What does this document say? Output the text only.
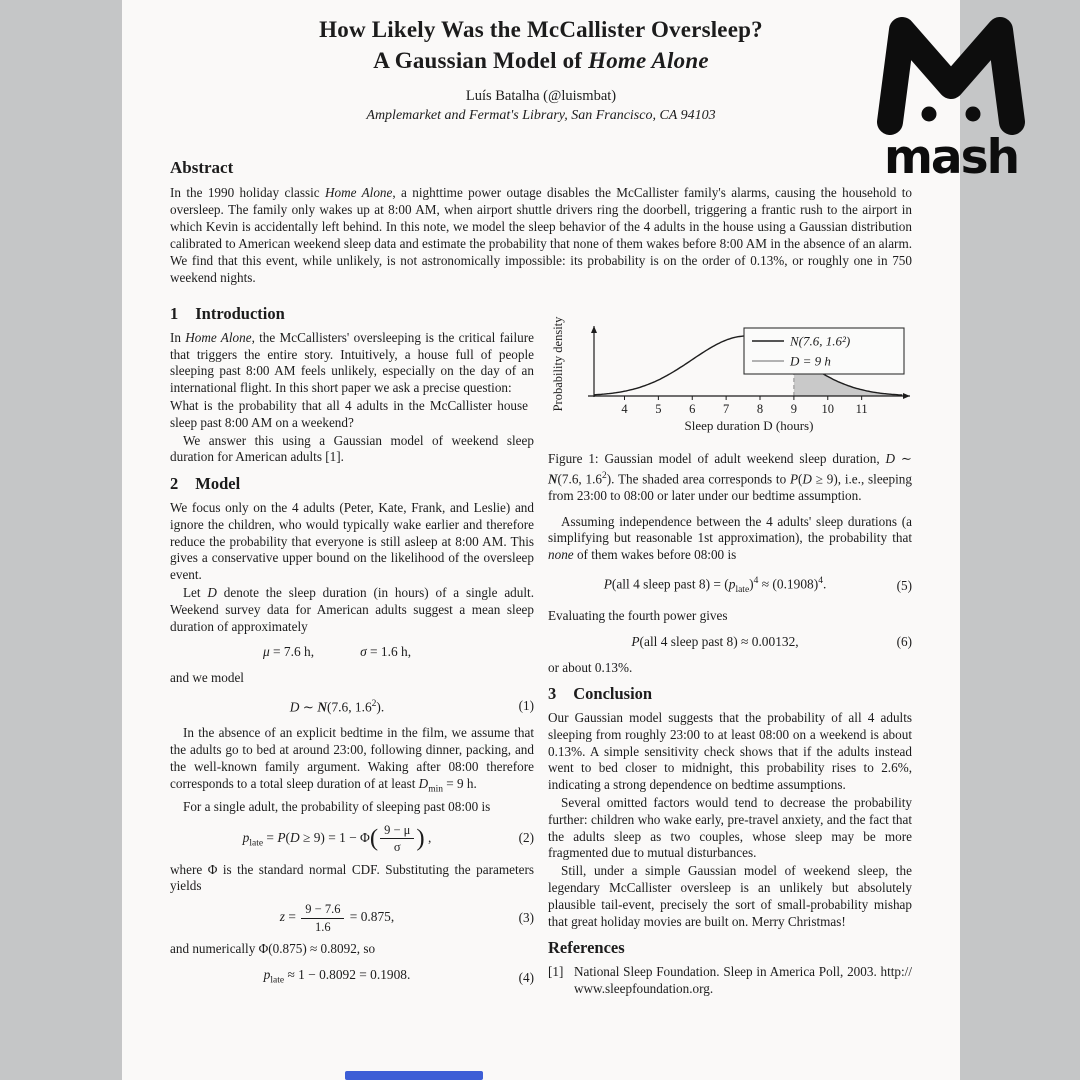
How Likely Was the McCallister Oversleep?
A Gaussian Model of Home Alone
Luís Batalha (@luismbat)
Amplemarket and Fermat's Library, San Francisco, CA 94103
Abstract

In the 1990 holiday classic Home Alone, a nighttime power outage disables the McCallister family's alarms, causing the household to oversleep. The family only wakes up at 8:00 AM, when airport shuttle drivers ring the doorbell, triggering a frantic rush to the airport in which Kevin is accidentally left behind. In this note, we model the sleep behavior of the 4 adults in the house using a Gaussian distribution calibrated to American weekend sleep data and estimate the probability that none of them wakes before 8:00 AM in the absence of an alarm. We find that this event, while unlikely, is not astronomically impossible: its probability is on the order of 0.13%, or roughly one in 750 weekend nights.

1 Introduction

In Home Alone, the McCallisters' oversleeping is the critical failure that triggers the entire story. Intuitively, a house full of people sleeping past 8:00 AM feels unlikely, especially on the day of an international flight. In this short paper we ask a precise question:

What is the probability that all 4 adults in the McCallister house sleep past 8:00 AM on a weekend?

We answer this using a Gaussian model of weekend sleep duration for American adults [1].

2 Model

We focus only on the 4 adults (Peter, Kate, Frank, and Leslie) and ignore the children, who would typically wake earlier and therefore reduce the probability that everyone is still asleep at 8:00 AM. This gives a conservative upper bound on the likelihood of the oversleep event.

Let D denote the sleep duration (in hours) of a single adult. Weekend survey data for American adults suggest a mean sleep duration of approximately

μ = 7.6 h,	σ = 1.6 h,

and we model

D ∼ N(7.6, $1.6^2$).	(1)

In the absence of an explicit bedtime in the film, we assume that the adults go to bed at around 23:00, following dinner, packing, and the well-known family argument. Waking after 08:00 therefore corresponds to a total sleep duration of at least $D_{min} = 9$ h.

For a single adult, the probability of sleeping past 08:00 is

$p_{late} = P(D \ge 9) = 1 - \Phi( \frac{9 - \mu}{\sigma}$ ) ,	(2)

where Φ is the standard normal CDF. Substituting the parameters yields

$z = \frac{9 - 7.6}{1.6} = 0.875$,	(3)

and numerically Φ(0.875) ≈ 0.8092, so

$p_{late} \approx 1 - 0.8092 = 0.1908$.	(4)
4 5 6 7 8 9 10 11
Sleep duration D (hours)
Probability density	N(7.6, 1.6²)
D = 9 h

Figure 1: Gaussian model of adult weekend sleep duration, D ∼ N(7.6, $1.6^2$). The shaded area corresponds to P(D ≥ 9), i.e., sleeping from 23:00 to 08:00 or later under our bedtime assumption.

Assuming independence between the 4 adults' sleep durations (a simplifying but reasonable 1st approximation), the probability that none of them wakes before 08:00 is

P(all 4 sleep past $8) = (p_{late})^4 \approx (0.1908)^4$.	(5)

Evaluating the fourth power gives

P(all 4 sleep past 8) ≈ 0.00132,	(6)

or about 0.13%.

3 Conclusion

Our Gaussian model suggests that the probability of all 4 adults sleeping from roughly 23:00 to at least 08:00 on a weekend is about 0.13%. A simple sensitivity check shows that if the adults instead went to bed closer to midnight, this probability rises to 2.6%, indicating a strong dependence on bedtime assumptions.

Several omitted factors would tend to decrease the probability further: children who wake early, pre-travel anxiety, and the fact that the adults sleep as two couples, whose sleep may be more fragmented due to mutual disturbances.

Still, under a simple Gaussian model of weekend sleep, the legendary McCallister oversleep is an unlikely but absolutely plausible tail-event, precisely the sort of small-probability mishap that great holiday movies are built on. Merry Christmas!

References
[1] National Sleep Foundation. Sleep in America Poll, 2003. http:// www.sleepfoundation.org.
mash
